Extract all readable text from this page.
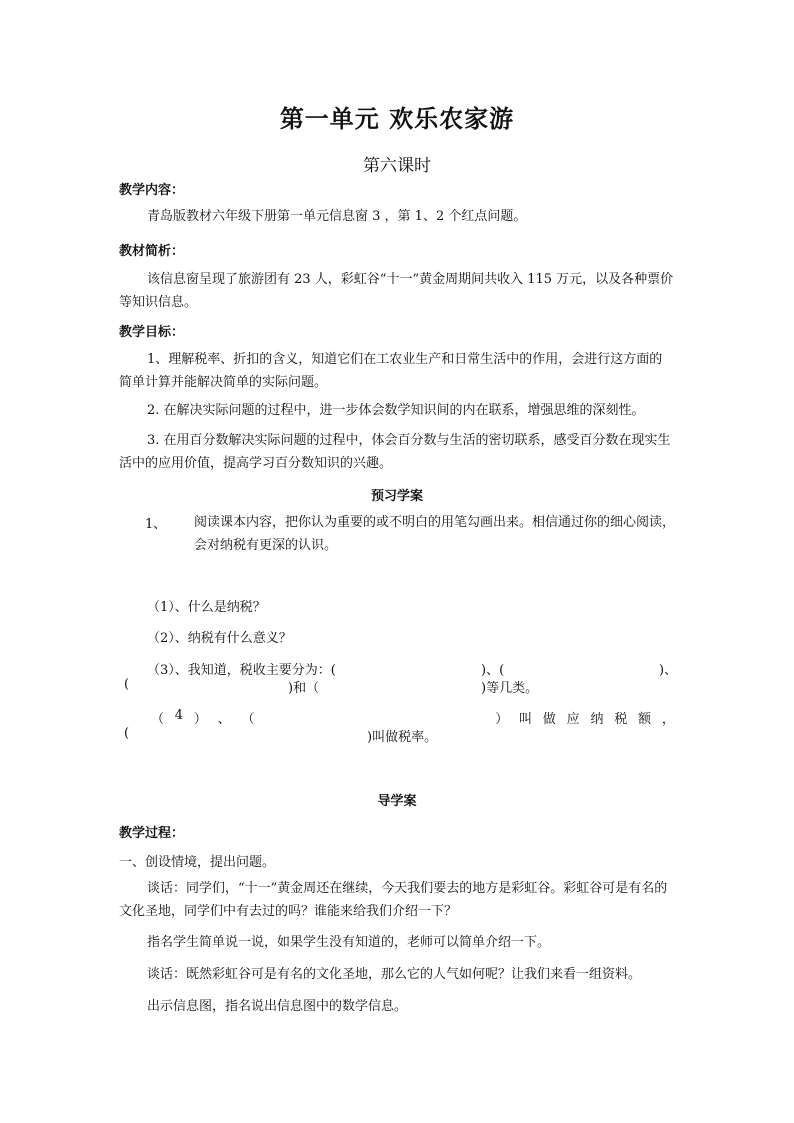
第一单元 欢乐农家游
第六课时
教学内容：
青岛版教材六年级下册第一单元信息窗 3 ，第 1、2 个红点问题。
教材简析：
该信息窗呈现了旅游团有 23 人，彩虹谷“十一”黄金周期间共收入 115 万元，以及各种票价等知识信息。
教学目标：
1、理解税率、折扣的含义，知道它们在工农业生产和日常生活中的作用，会进行这方面的简单计算并能解决简单的实际问题。
2. 在解决实际问题的过程中，进一步体会数学知识间的内在联系，增强思维的深刻性。
3. 在用百分数解决实际问题的过程中，体会百分数与生活的密切联系，感受百分数在现实生活中的应用价值，提高学习百分数知识的兴趣。
预习学案
1、 阅读课本内容，把你认为重要的或不明白的用笔勾画出来。相信通过你的细心阅读，会对纳税有更深的认识。
（1）、什么是纳税？
（2）、纳税有什么意义？
（3）、我知道，税收主要分为：(	)、(	)、
(	)和（	)等几类。
（ 4 ） 、 （	） 叫 做 应 纳 税 额 ，
(	)叫做税率。
导学案
教学过程：
一、创设情境，提出问题。
谈话：同学们，“十一”黄金周还在继续，今天我们要去的地方是彩虹谷。彩虹谷可是有名的文化圣地，同学们中有去过的吗？谁能来给我们介绍一下？
指名学生简单说一说，如果学生没有知道的，老师可以简单介绍一下。
谈话：既然彩虹谷可是有名的文化圣地，那么它的人气如何呢？让我们来看一组资料。
出示信息图，指名说出信息图中的数学信息。
